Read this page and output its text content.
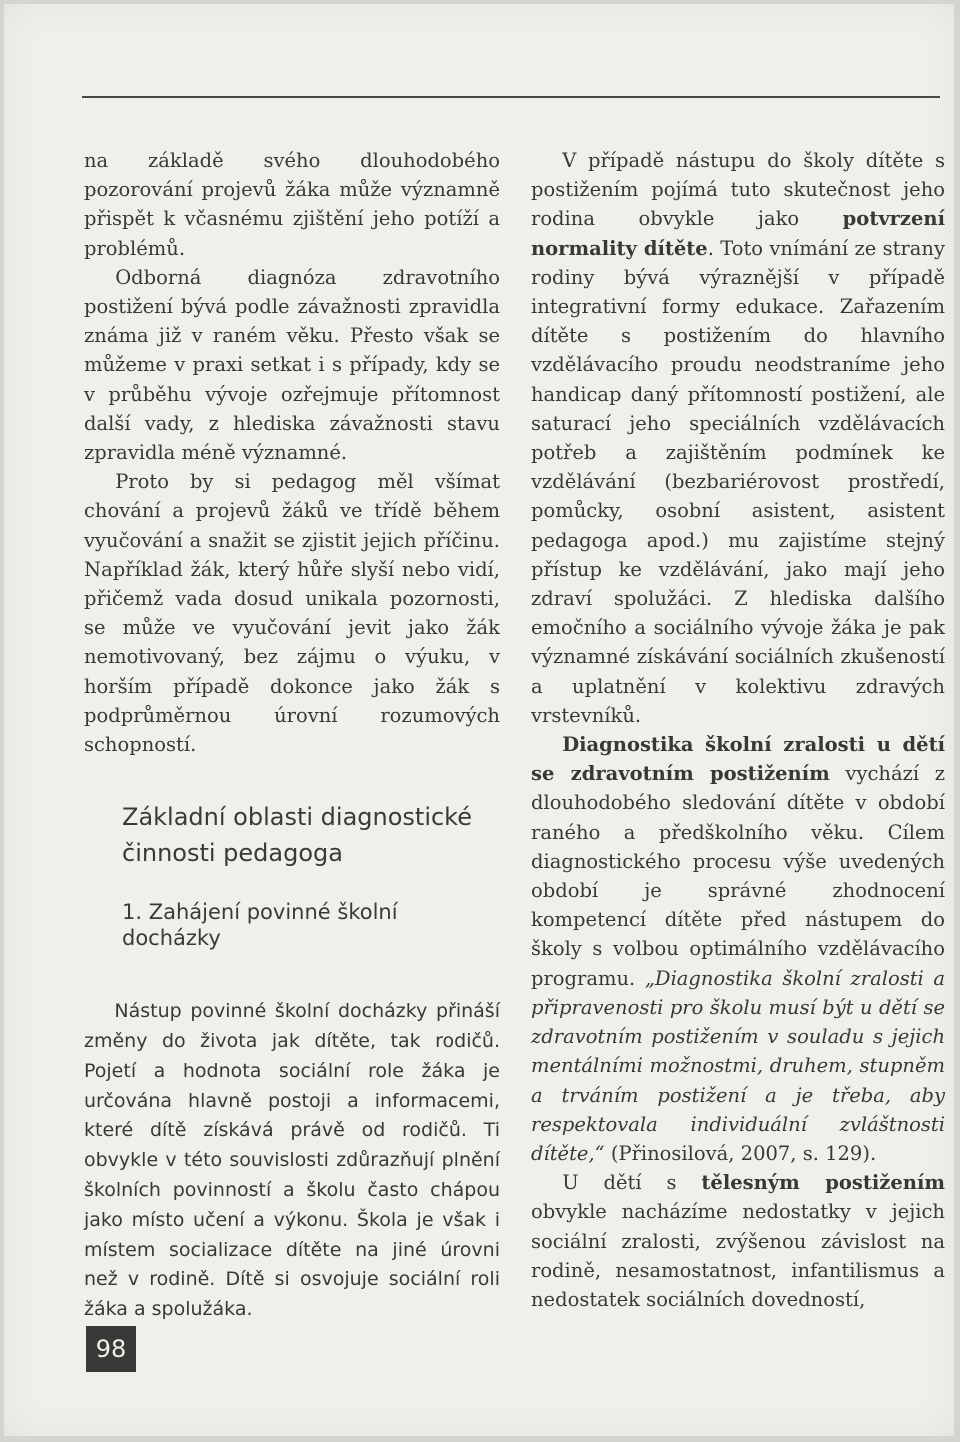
na základě svého dlouhodobého pozorování projevů žáka může významně přispět k včasnému zjištění jeho potíží a problémů.

Odborná diagnóza zdravotního postižení bývá podle závažnosti zpravidla známa již v raném věku. Přesto však se můžeme v praxi setkat i s případy, kdy se v průběhu vývoje ozřejmuje přítomnost další vady, z hlediska závažnosti stavu zpravidla méně významné.

Proto by si pedagog měl všímat chování a projevů žáků ve třídě během vyučování a snažit se zjistit jejich příčinu. Například žák, který hůře slyší nebo vidí, přičemž vada dosud unikala pozornosti, se může ve vyučování jevit jako žák nemotivovaný, bez zájmu o výuku, v horším případě dokonce jako žák s podprůměrnou úrovní rozumových schopností.

Základní oblasti diagnostické činnosti pedagoga
1. Zahájení povinné školní docházky

Nástup povinné školní docházky přináší změny do života jak dítěte, tak rodičů. Pojetí a hodnota sociální role žáka je určována hlavně postoji a informacemi, které dítě získává právě od rodičů. Ti obvykle v této souvislosti zdůrazňují plnění školních povinností a školu často chápou jako místo učení a výkonu. Škola je však i místem socializace dítěte na jiné úrovni než v rodině. Dítě si osvojuje sociální roli žáka a spolužáka.

V případě nástupu do školy dítěte s postižením pojímá tuto skutečnost jeho rodina obvykle jako potvrzení normality dítěte. Toto vnímání ze strany rodiny bývá výraznější v případě integrativní formy edukace. Zařazením dítěte s postižením do hlavního vzdělávacího proudu neodstraníme jeho handicap daný přítomností postižení, ale saturací jeho speciálních vzdělávacích potřeb a zajištěním podmínek ke vzdělávání (bezbariérovost prostředí, pomůcky, osobní asistent, asistent pedagoga apod.) mu zajistíme stejný přístup ke vzdělávání, jako mají jeho zdraví spolužáci. Z hlediska dalšího emočního a sociálního vývoje žáka je pak významné získávání sociálních zkušeností a uplatnění v kolektivu zdravých vrstevníků.

Diagnostika školní zralosti u dětí se zdravotním postižením vychází z dlouhodobého sledování dítěte v období raného a předškolního věku. Cílem diagnostického procesu výše uvedených období je správné zhodnocení kompetencí dítěte před nástupem do školy s volbou optimálního vzdělávacího programu. „Diagnostika školní zralosti a připravenosti pro školu musí být u dětí se zdravotním postižením v souladu s jejich mentálními možnostmi, druhem, stupněm a trváním postižení a je třeba, aby respektovala individuální zvláštnosti dítěte,“ (Přinosilová, 2007, s. 129).

U dětí s tělesným postižením obvykle nacházíme nedostatky v jejich sociální zralosti, zvýšenou závislost na rodině, nesamostatnost, infantilismus a nedostatek sociálních dovedností,

98
